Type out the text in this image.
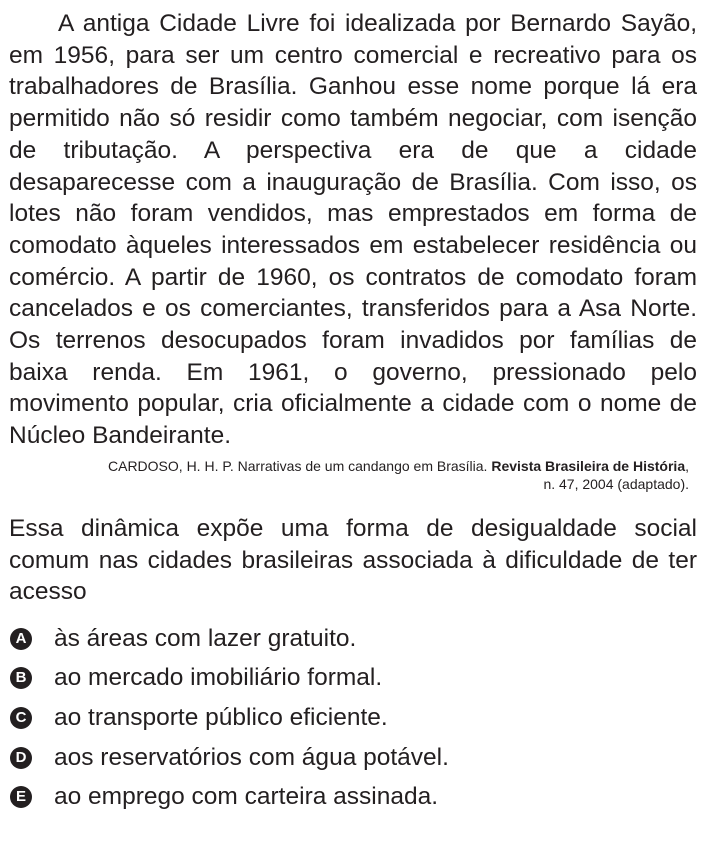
A antiga Cidade Livre foi idealizada por Bernardo Sayão, em 1956, para ser um centro comercial e recreativo para os trabalhadores de Brasília. Ganhou esse nome porque lá era permitido não só residir como também negociar, com isenção de tributação. A perspectiva era de que a cidade desaparecesse com a inauguração de Brasília. Com isso, os lotes não foram vendidos, mas emprestados em forma de comodato àqueles interessados em estabelecer residência ou comércio. A partir de 1960, os contratos de comodato foram cancelados e os comerciantes, transferidos para a Asa Norte. Os terrenos desocupados foram invadidos por famílias de baixa renda. Em 1961, o governo, pressionado pelo movimento popular, cria oficialmente a cidade com o nome de Núcleo Bandeirante.

CARDOSO, H. H. P. Narrativas de um candango em Brasília. Revista Brasileira de História,
n. 47, 2004 (adaptado).

Essa dinâmica expõe uma forma de desigualdade social comum nas cidades brasileiras associada à dificuldade de ter acesso

A às áreas com lazer gratuito.
B ao mercado imobiliário formal.
C ao transporte público eficiente.
D aos reservatórios com água potável.
E ao emprego com carteira assinada.
